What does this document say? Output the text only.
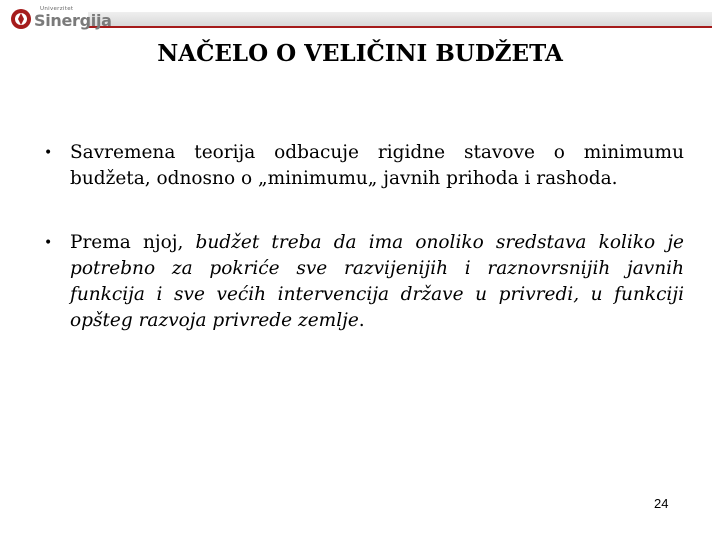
Univerzitet
Sinergija
NAČELO O VELIČINI BUDŽETA
• Savremena teorija odbacuje rigidne stavove o minimumu budžeta, odnosno o „minimumu„ javnih prihoda i rashoda.
• Prema njoj, budžet treba da ima onoliko sredstava koliko je potrebno za pokriće sve razvijenijih i raznovrsnijih javnih funkcija i sve većih intervencija države u privredi, u funkciji opšteg razvoja privrede zemlje.
24
